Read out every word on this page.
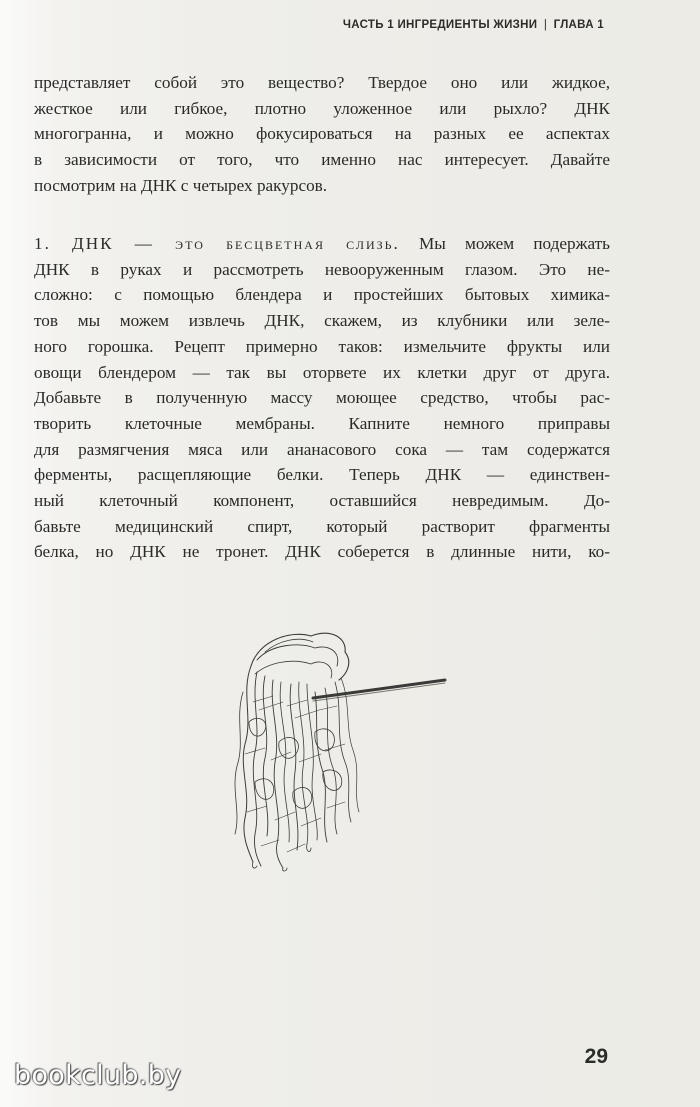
ЧАСТЬ 1 ИНГРЕДИЕНТЫ ЖИЗНИ | ГЛАВА 1
представляет собой это вещество? Твердое оно или жидкое,
жесткое или гибкое, плотно уложенное или рыхло? ДНК
многогранна, и можно фокусироваться на разных ее аспектах
в зависимости от того, что именно нас интересует. Давайте
посмотрим на ДНК с четырех ракурсов.
1. ДНК — это бесцветная слизь. Мы можем подержать
ДНК в руках и рассмотреть невооруженным глазом. Это не-
сложно: с помощью блендера и простейших бытовых химика-
тов мы можем извлечь ДНК, скажем, из клубники или зеле-
ного горошка. Рецепт примерно таков: измельчите фрукты или
овощи блендером — так вы оторвете их клетки друг от друга.
Добавьте в полученную массу моющее средство, чтобы рас-
творить клеточные мембраны. Капните немного приправы
для размягчения мяса или ананасового сока — там содержатся
ферменты, расщепляющие белки. Теперь ДНК — единствен-
ный клеточный компонент, оставшийся невредимым. До-
бавьте медицинский спирт, который растворит фрагменты
белка, но ДНК не тронет. ДНК соберется в длинные нити, ко-
29
bookclub.by
